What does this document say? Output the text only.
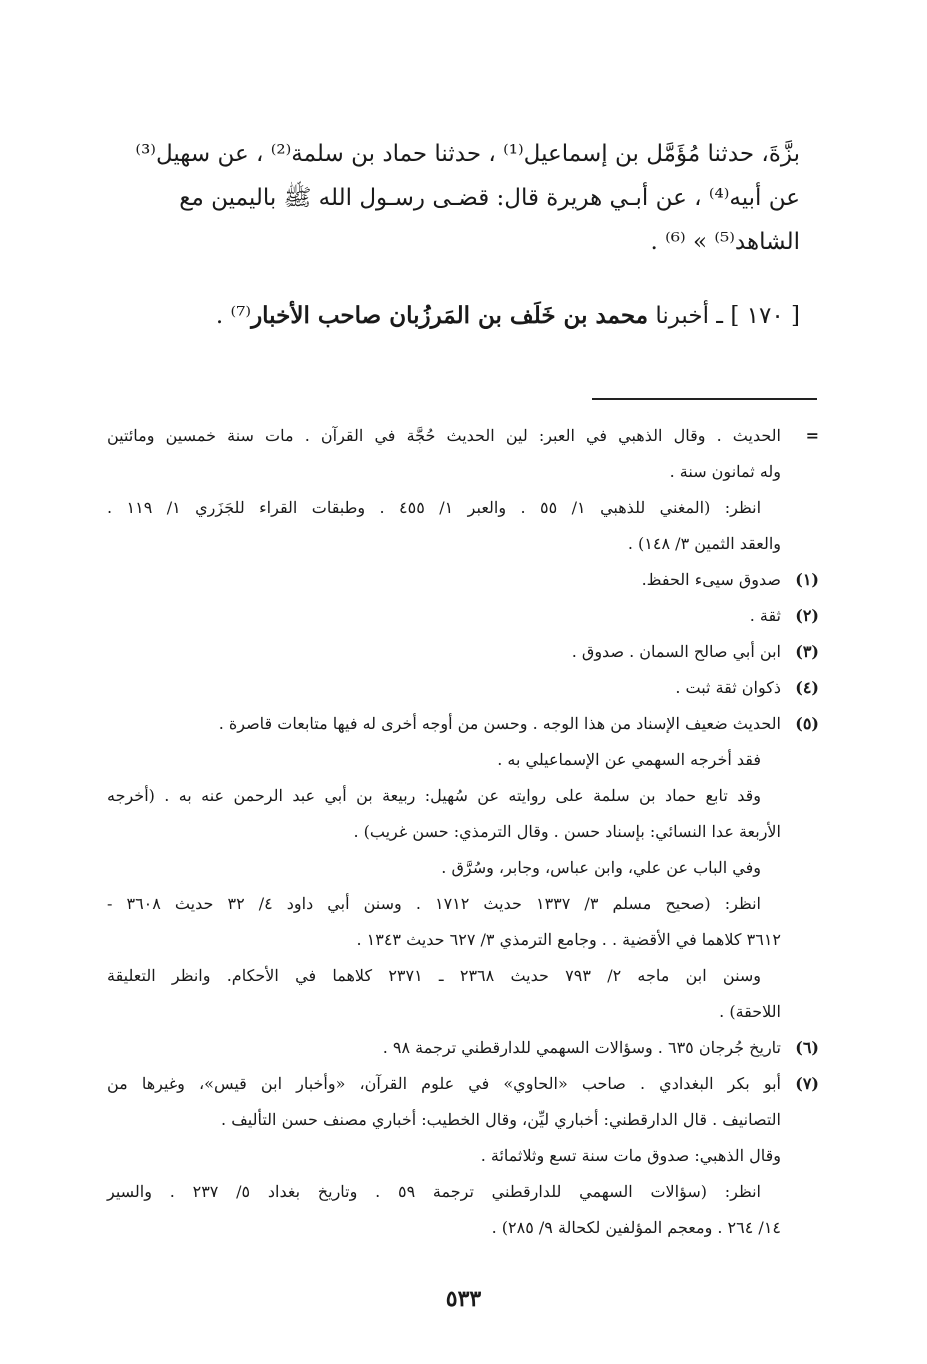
بزَّةَ، حدثنا مُؤَمَّل بن إسماعيل⁽¹⁾ ، حدثنا حماد بن سلمة⁽²⁾ ، عن سهيل⁽³⁾

عن أبيه⁽⁴⁾ ، عن أبـي هريرة قال: قضـى رسـول الله ﷺ باليمين مع

الشاهد⁽⁵⁾ » ⁽⁶⁾ .

[ ١٧٠ ] ـ أخبرنا محمد بن خَلَف بن المَرزُبان صاحب الأخبار⁽⁷⁾ .
=
الحديث . وقال الذهبي في العبر: لين الحديث حُجَّة في القرآن . مات سنة خمسين ومائتين
وله ثمانون سنة .
انظر: (المغني للذهبي ١/ ٥٥ . والعبر ١/ ٤٥٥ . وطبقات القراء للجَزَري ١/ ١١٩ .
والعقد الثمين ٣/ ١٤٨) .
(١)
صدوق سيىء الحفظ.
(٢)
ثقة .
(٣)
ابن أبي صالح السمان . صدوق .
(٤)
ذكوان ثقة ثبت .
(٥)
الحديث ضعيف الإسناد من هذا الوجه . وحسن من أوجه أخرى له فيها متابعات قاصرة .
فقد أخرجه السهمي عن الإسماعيلي به .
وقد تابع حماد بن سلمة على روايته عن سُهيل: ربيعة بن أبي عبد الرحمن عنه به . (أخرجه
الأربعة عدا النسائي: بإسناد حسن . وقال الترمذي: حسن غريب) .
وفي الباب عن علي، وابن عباس، وجابر، وسُرَّق .
انظر: (صحيح مسلم ٣/ ١٣٣٧ حديث ١٧١٢ . وسنن أبي داود ٤/ ٣٢ حديث ٣٦٠٨ -
٣٦١٢ كلاهما في الأقضية . . وجامع الترمذي ٣/ ٦٢٧ حديث ١٣٤٣ .
وسنن ابن ماجه ٢/ ٧٩٣ حديث ٢٣٦٨ ـ ٢٣٧١ كلاهما في الأحكام. وانظر التعليقة
اللاحقة) .
(٦)
تاريخ جُرجان ٦٣٥ . وسؤالات السهمي للدارقطني ترجمة ٩٨ .
(٧)
أبو بكر البغدادي . صاحب «الحاوي» في علوم القرآن، «وأخبار ابن قيس»، وغيرها من
التصانيف . قال الدارقطني: أخباري ليِّن، وقال الخطيب: أخباري مصنف حسن التأليف .
وقال الذهبي: صدوق مات سنة تسع وثلاثمائة .
انظر: (سؤالات السهمي للدارقطني ترجمة ٥٩ . وتاريخ بغداد ٥/ ٢٣٧ . والسير
١٤/ ٢٦٤ . ومعجم المؤلفين لكحالة ٩/ ٢٨٥) .
٥٣٣
